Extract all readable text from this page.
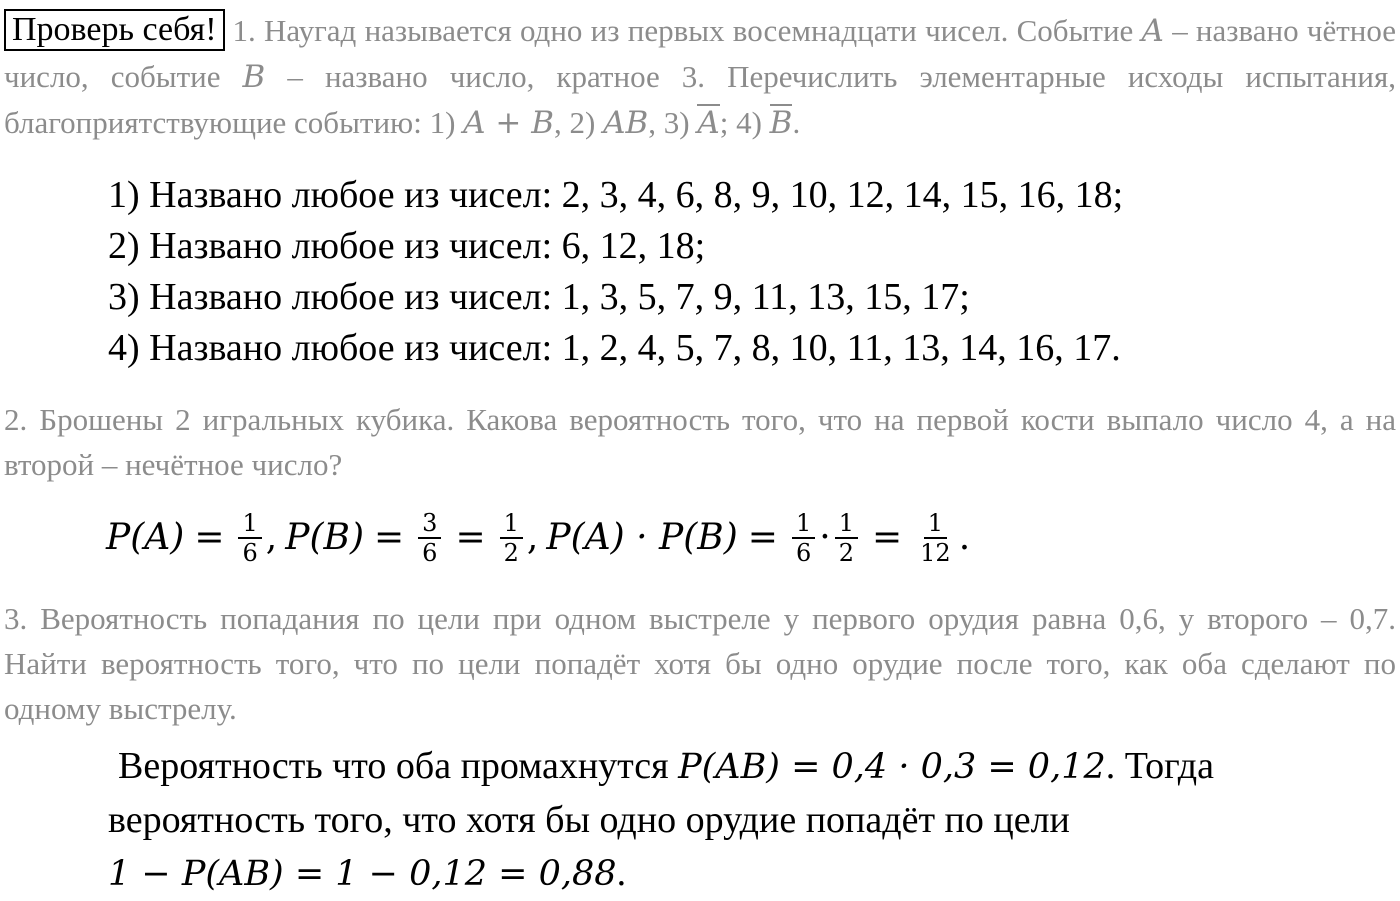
Проверь себя! 1. Наугад называется одно из первых восемнадцати чисел. Событие A – названо чётное число, событие B – названо число, кратное 3. Перечислить элементарные исходы испытания, благоприятствующие событию: 1) A + B, 2) AB, 3) A; 4) B.
1) Названо любое из чисел: 2, 3, 4, 6, 8, 9, 10, 12, 14, 15, 16, 18;
2) Названо любое из чисел: 6, 12, 18;
3) Названо любое из чисел: 1, 3, 5, 7, 9, 11, 13, 15, 17;
4) Названо любое из чисел: 1, 2, 4, 5, 7, 8, 10, 11, 13, 14, 16, 17.
2. Брошены 2 игральных кубика. Какова вероятность того, что на первой кости выпало число 4, а на второй – нечётное число?
$P(A) = \frac{1}{6}$ , $P(B) = \frac{3}{6} = \frac{1}{2}$ , $P(A) \cdot P(B) = \frac{1}{6} \cdot \frac{1}{2} = \frac{1}{12}$ .
3. Вероятность попадания по цели при одном выстреле у первого орудия равна 0,6, у второго – 0,7. Найти вероятность того, что по цели попадёт хотя бы одно орудие после того, как оба сделают по одному выстрелу.
Вероятность что оба промахнутся P(AB) = 0,4 · 0,3 = 0,12. Тогда
вероятность того, что хотя бы одно орудие попадёт по цели
1 − P(AB) = 1 − 0,12 = 0,88.
